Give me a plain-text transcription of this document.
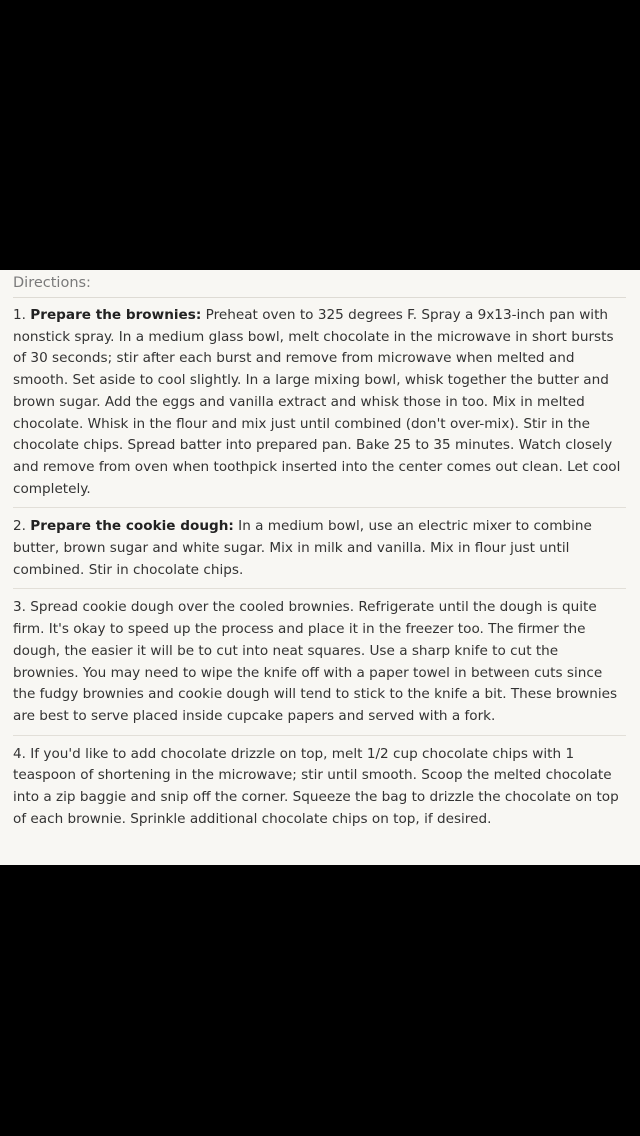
Directions:

1. Prepare the brownies: Preheat oven to 325 degrees F. Spray a 9x13-inch pan with nonstick spray. In a medium glass bowl, melt chocolate in the microwave in short bursts of 30 seconds; stir after each burst and remove from microwave when melted and smooth. Set aside to cool slightly. In a large mixing bowl, whisk together the butter and brown sugar. Add the eggs and vanilla extract and whisk those in too. Mix in melted chocolate. Whisk in the flour and mix just until combined (don't over-mix). Stir in the chocolate chips. Spread batter into prepared pan. Bake 25 to 35 minutes. Watch closely and remove from oven when toothpick inserted into the center comes out clean. Let cool completely.

2. Prepare the cookie dough: In a medium bowl, use an electric mixer to combine butter, brown sugar and white sugar. Mix in milk and vanilla. Mix in flour just until combined. Stir in chocolate chips.

3. Spread cookie dough over the cooled brownies. Refrigerate until the dough is quite firm. It's okay to speed up the process and place it in the freezer too. The firmer the dough, the easier it will be to cut into neat squares. Use a sharp knife to cut the brownies. You may need to wipe the knife off with a paper towel in between cuts since the fudgy brownies and cookie dough will tend to stick to the knife a bit. These brownies are best to serve placed inside cupcake papers and served with a fork.

4. If you'd like to add chocolate drizzle on top, melt 1/2 cup chocolate chips with 1 teaspoon of shortening in the microwave; stir until smooth. Scoop the melted chocolate into a zip baggie and snip off the corner. Squeeze the bag to drizzle the chocolate on top of each brownie. Sprinkle additional chocolate chips on top, if desired.
